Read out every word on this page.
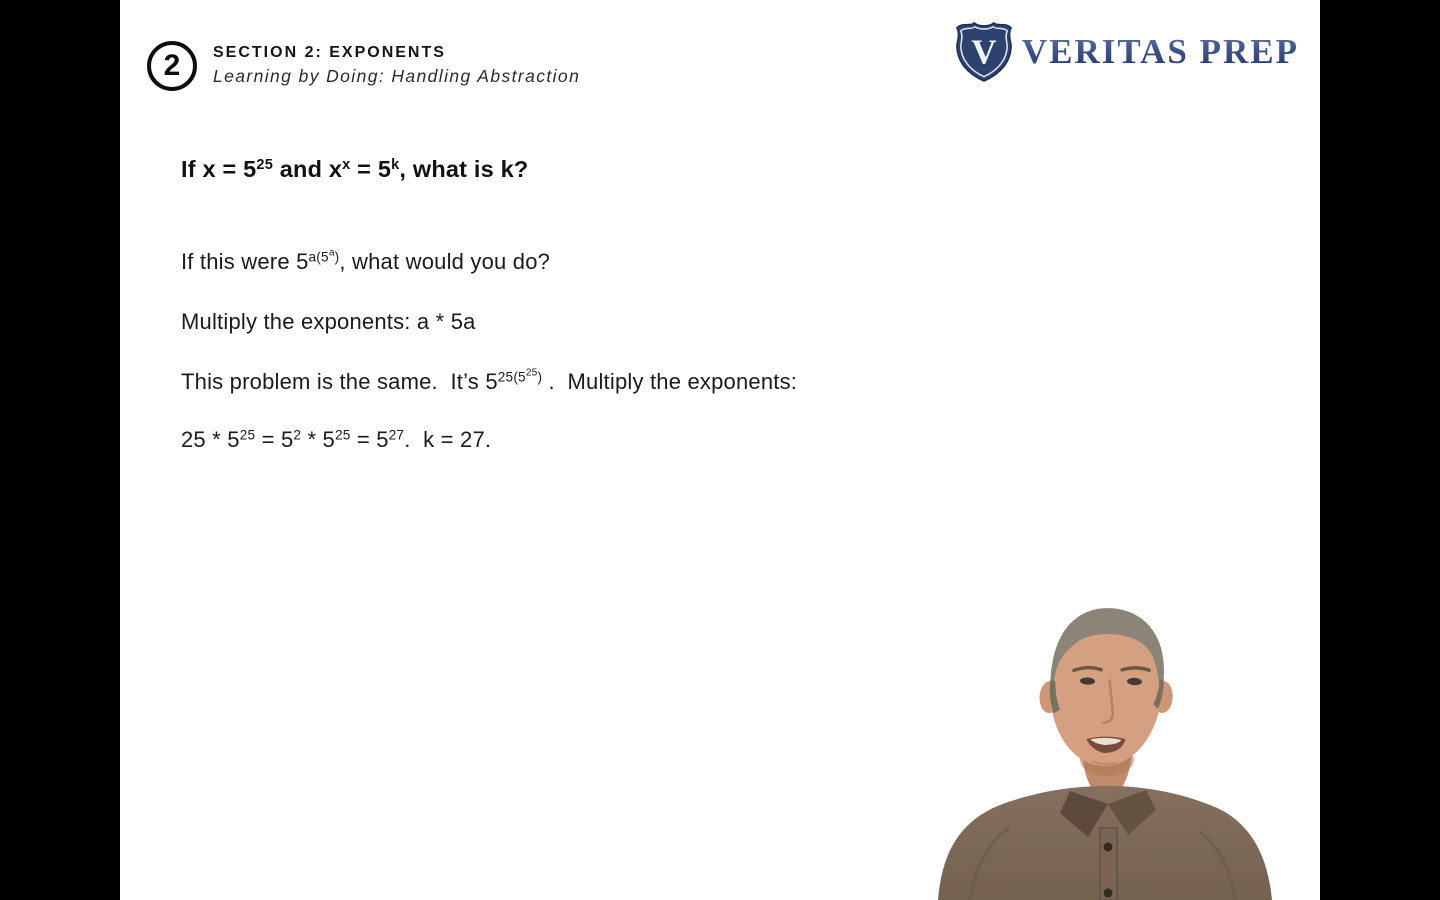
2 SECTION 2: EXPONENTS
Learning by Doing: Handling Abstraction
V VERITAS PREP

If $x = 5^{25}$ and $x^x = 5^k$, what is k?

If this were $5^{a(5a)}$, what would you do?

Multiply the exponents: a * 5a

This problem is the same.  It’s $5^{25(525)}$ .  Multiply the exponents:

$25 * 5^{25} = 5^2 * 5^{25} = 5^{27}$.  k = 27.
